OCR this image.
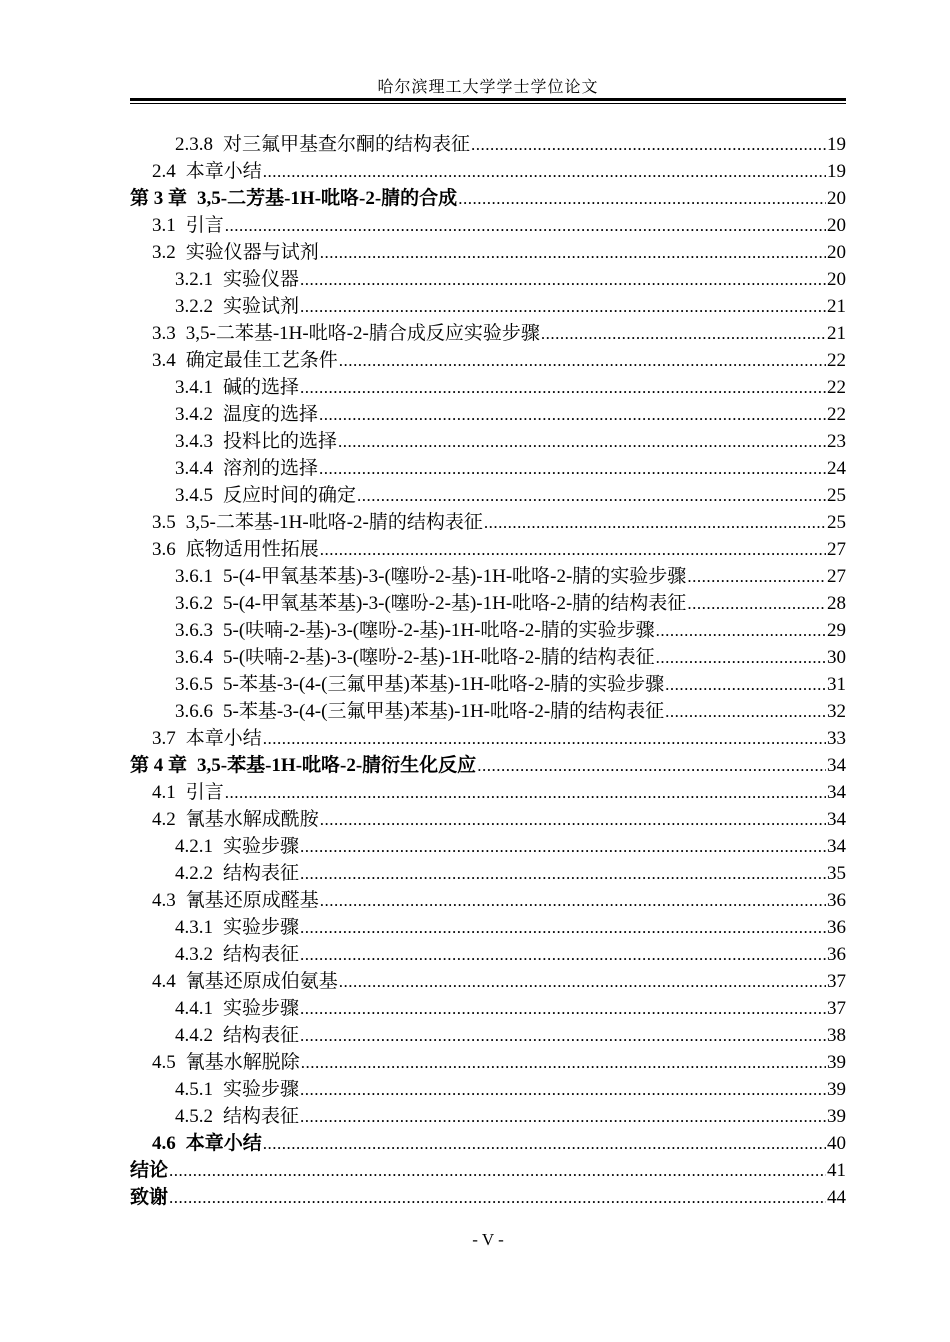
哈尔滨理工大学学士学位论文
2.3.8 对三氟甲基查尔酮的结构表征 .....	19
2.4 本章小结 .....	19
第 3 章 3,5-二芳基-1H-吡咯-2-腈的合成 .....	20
3.1 引言 .....	20
3.2 实验仪器与试剂 .....	20
3.2.1 实验仪器 .....	20
3.2.2 实验试剂 .....	21
3.3 3,5-二苯基-1H-吡咯-2-腈合成反应实验步骤 .....	21
3.4 确定最佳工艺条件 .....	22
3.4.1 碱的选择 .....	22
3.4.2 温度的选择 .....	22
3.4.3 投料比的选择 .....	23
3.4.4 溶剂的选择 .....	24
3.4.5 反应时间的确定 .....	25
3.5 3,5-二苯基-1H-吡咯-2-腈的结构表征 .....	25
3.6 底物适用性拓展 .....	27
3.6.1 5-(4-甲氧基苯基)-3-(噻吩-2-基)-1H-吡咯-2-腈的实验步骤 .....	27
3.6.2 5-(4-甲氧基苯基)-3-(噻吩-2-基)-1H-吡咯-2-腈的结构表征 .....	28
3.6.3 5-(呋喃-2-基)-3-(噻吩-2-基)-1H-吡咯-2-腈的实验步骤 .....	29
3.6.4 5-(呋喃-2-基)-3-(噻吩-2-基)-1H-吡咯-2-腈的结构表征 .....	30
3.6.5 5-苯基-3-(4-(三氟甲基)苯基)-1H-吡咯-2-腈的实验步骤 .....	31
3.6.6 5-苯基-3-(4-(三氟甲基)苯基)-1H-吡咯-2-腈的结构表征 .....	32
3.7 本章小结 .....	33
第 4 章 3,5-苯基-1H-吡咯-2-腈衍生化反应 .....	34
4.1 引言 .....	34
4.2 氰基水解成酰胺 .....	34
4.2.1 实验步骤 .....	34
4.2.2 结构表征 .....	35
4.3 氰基还原成醛基 .....	36
4.3.1 实验步骤 .....	36
4.3.2 结构表征 .....	36
4.4 氰基还原成伯氨基 .....	37
4.4.1 实验步骤 .....	37
4.4.2 结构表征 .....	38
4.5 氰基水解脱除 .....	39
4.5.1 实验步骤 .....	39
4.5.2 结构表征 .....	39
4.6 本章小结 .....	40
结论 .....	41
致谢 .....	44
- V -
